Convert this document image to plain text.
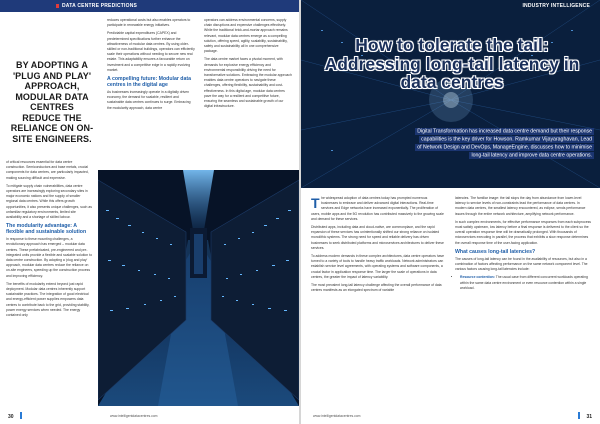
DATA CENTRE PREDICTIONS
BY ADOPTING A 'PLUG AND PLAY' APPROACH, MODULAR DATA CENTRES REDUCE THE RELIANCE ON ON-SITE ENGINEERS.

of critical resources essential for data centre construction. Semiconductors and base metals, crucial components for data centres, are particularly impacted, making sourcing difficult and expensive.

To mitigate supply chain vulnerabilities, data centre operators are increasingly exploring secondary sites in major economic nations and the supply of smaller regional data centres. While this offers growth opportunities, it also presents unique challenges, such as unfamiliar regulatory environments, limited site availability and a shortage of skilled labour.

The modularity advantage: A flexible and sustainable solution

In response to these mounting challenges, a revolutionary approach has emerged – modular data centres. These prefabricated, pre-engineered and pre-integrated units provide a flexible and scalable solution to data centre construction. By adopting a 'plug and play' approach, modular data centres reduce the reliance on on-site engineers, speeding up the construction process and improving efficiency.

The benefits of modularity extend beyond just rapid deployment. Modular data centres inherently support sustainable practices. The integration of good electrical and energy-efficient power supplies empowers data centres to contribute back to the grid, providing stability, power energy services when needed. The energy contained only

reduces operational costs but also enables operators to participate in renewable energy initiatives.

Predictable capital expenditures (CAPEX) and predetermined specifications further enhance the attractiveness of modular data centres. By using older-skilled or non-traditional buildings, operators can efficiently scale their operations without needing to secure new real estate. This adaptability ensures a favourable return on investment and a competitive edge in a rapidly evolving market.

A compelling future: Modular data centres in the digital age

As businesses increasingly operate in a digitally driven economy, the demand for scalable, resilient and sustainable data centres continues to surge. Embracing the modularity approach, data centre

operators can address environmental concerns, supply chain disruptions and expensive challenges effectively. While the traditional brick-and-mortar approach remains relevant, modular data centres emerge as a compelling solution, offering speed, agility, scalability, sustainability, safety and sustainability all in one comprehensive package.

The data centre market faces a pivotal moment, with demands for explosive energy efficiency and environmental responsibility driving the need for transformative solutions. Embracing the modular approach enables data centre operators to navigate these challenges, offering flexibility, sustainability and cost-effectiveness. In this digital age, modular data centres pave the way for a resilient and competitive future, ensuring the seamless and sustainable growth of our digital infrastructure.

www.intelligentdatacentres.com
30
INDUSTRY INTELLIGENCE
How to tolerate the tail: Addressing long-tail latency in data centres
Digital Transformation has increased data centre demand but their response
capabilities is the key driver for Howson. Ramkumar Vijayaraghavan, Lead
of Network Design and DevOps, ManageEngine, discusses how to minimise
long-tail latency and improve data centre operations.

The widespread adoption of data centres today has prompted numerous businesses to embrace and deliver advanced digital interactions. Real-time services and Edge networks have increased exponentially. The proliferation of users, mobile apps and the 5G revolution has contributed massively to the growing scale and demand for these services.

Distributed apps, including data and cloud-native, are commonplace, and the rapid expansion of these services has unintentionally shifted our strong reliance on isolated monolithic systems. The strong need for speed and reliable delivery has driven businesses to seek distributed platforms and microservices architectures to deliver these services.

To address modern demands in these complex architectures, data centre operators have turned to a variety of tools to handle heavy traffic workloads. Network administrators can establish service level agreements, with operating systems and software components, a crucial factor in application response time. The larger the scale of operations in data centres, the greater the impact of latency variability.

The most prevalent long-tail latency challenge affecting the overall performance of data centres manifests as an elongated spectrum of variable

latencies. The familiar image: the tail stops the day from abundance from lower-level latency to service levels of non-constraints lead the performance of data centres. In modern data centres, the smallest latency encountered, as eclipse, sends performance issues through the entire network architecture, amplifying network performance.

In such complex environments, for effective performance responses from each subprocess must satisfy upstream, low latency before a final response is delivered to the client so the overall operation response time will be dramatically prolonged. With thousands of microservices executing in parallel, the process that exhibits a slow response determines the overall response time of the user-facing application.

What causes long-tail latencies?

The causes of long-tail latency can be found in the availability of resources, but also in a combination of factors affecting performance on the same network component level. The various factors causing long-tail latencies include:

• Resource contention: The usual case from different concurrent workloads operating within the same data centre environment or even resource contention within a single workload.
www.intelligentdatacentres.com	31
